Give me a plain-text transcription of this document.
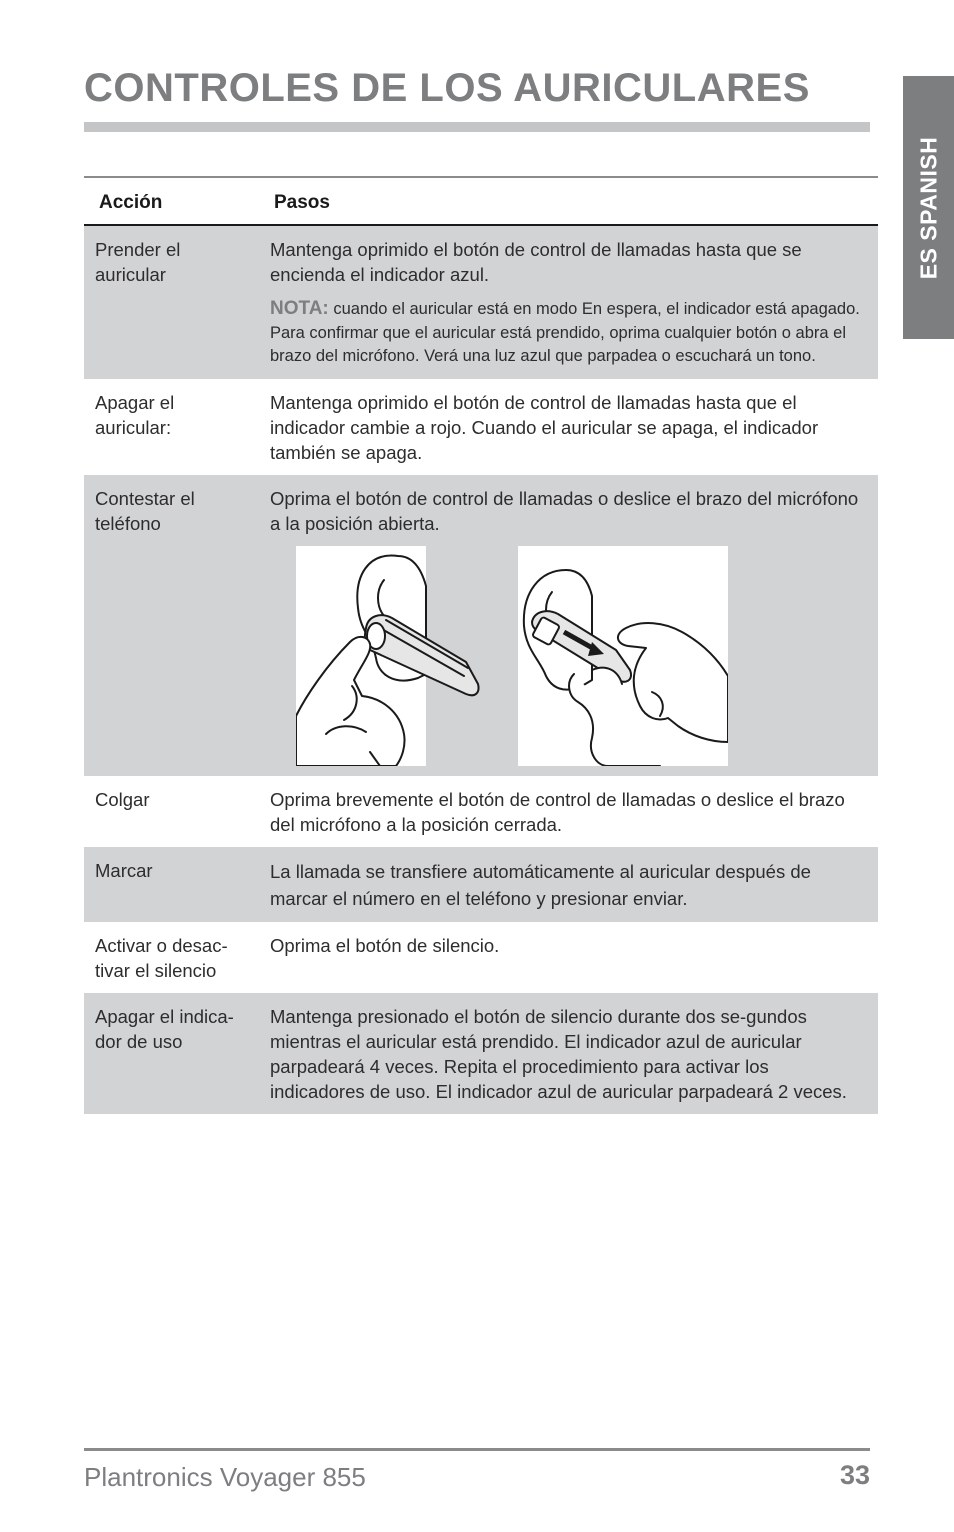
CONTROLES DE LOS AURICULARES
ES SPANISH
Acción	Pasos
Prender el auricular	Mantenga oprimido el botón de control de llamadas hasta que se encienda el indicador azul.
NOTA: cuando el auricular está en modo En espera, el indicador está apagado. Para confirmar que el auricular está prendido, oprima cualquier botón o abra el brazo del micrófono. Verá una luz azul que parpadea o escuchará un tono.

Apagar el auricular:	Mantenga oprimido el botón de control de llamadas hasta que el indicador cambie a rojo. Cuando el auricular se apaga, el indicador también se apaga.
Contestar el teléfono	Oprima el botón de control de llamadas o deslice el brazo del micrófono a la posición abierta.

Colgar	Oprima brevemente el botón de control de llamadas o deslice el brazo del micrófono a la posición cerrada.
Marcar	La llamada se transfiere automáticamente al auricular después de marcar el número en el teléfono y presionar enviar.
Activar o desac-tivar el silencio	Oprima el botón de silencio.
Apagar el indica-dor de uso	Mantenga presionado el botón de silencio durante dos se-gundos mientras el auricular está prendido. El indicador azul de auricular parpadeará 4 veces. Repita el procedimiento para activar los indicadores de uso. El indicador azul de auricular parpadeará 2 veces.
Plantronics Voyager 855	33
